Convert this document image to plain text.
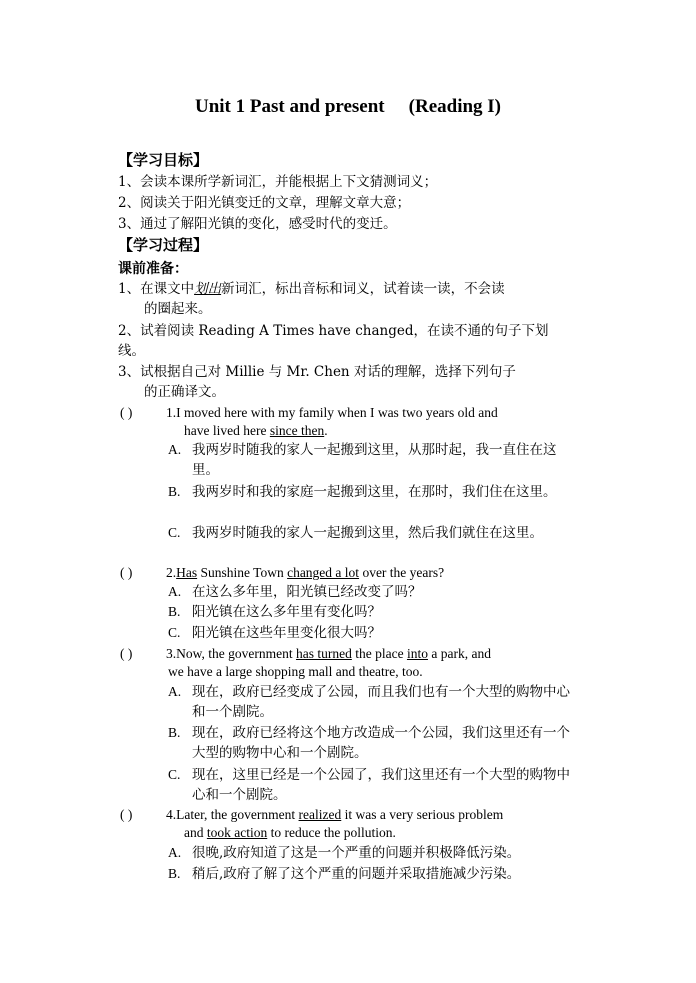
Unit 1 Past and present (Reading I)
【学习目标】
1、会读本课所学新词汇，并能根据上下文猜测词义；
2、阅读关于阳光镇变迁的文章，理解文章大意；
3、通过了解阳光镇的变化，感受时代的变迁。
【学习过程】
课前准备：
1、在课文中划出新词汇，标出音标和词义，试着读一读，不会读
的圈起来。
2、试着阅读 Reading A Times have changed，在读不通的句子下划
线。
3、试根据自己对 Millie 与 Mr. Chen 对话的理解，选择下列句子
的正确译文。
( ) 1.I moved here with my family when I was two years old and
have lived here since then.
A. 我两岁时随我的家人一起搬到这里，从那时起，我一直住在这里。
B. 我两岁时和我的家庭一起搬到这里，在那时，我们住在这里。
C. 我两岁时随我的家人一起搬到这里，然后我们就住在这里。
( ) 2.Has Sunshine Town changed a lot over the years?
A. 在这么多年里，阳光镇已经改变了吗？
B. 阳光镇在这么多年里有变化吗？
C. 阳光镇在这些年里变化很大吗？
( ) 3.Now, the government has turned the place into a park, and
we have a large shopping mall and theatre, too.
A. 现在，政府已经变成了公园，而且我们也有一个大型的购物中心和一个剧院。
B. 现在，政府已经将这个地方改造成一个公园，我们这里还有一个大型的购物中心和一个剧院。
C. 现在，这里已经是一个公园了，我们这里还有一个大型的购物中心和一个剧院。
( ) 4.Later, the government realized it was a very serious problem
and took action to reduce the pollution.
A. 很晚,政府知道了这是一个严重的问题并积极降低污染。
B. 稍后,政府了解了这个严重的问题并采取措施减少污染。
